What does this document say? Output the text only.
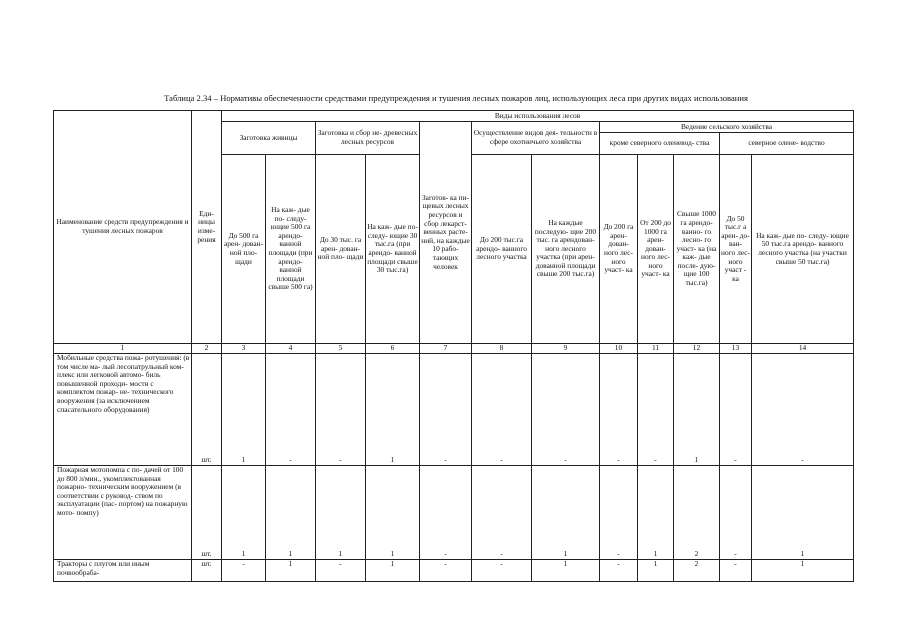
Таблица 2.34 – Нормативы обеспеченности средствами предупреждения и тушения лесных пожаров лиц, использующих леса при других видах использования
Наименование средств предупреждения и тушения лесных пожаров	Еди- ницы изме- рения	Виды использования лесов											
		Заготовка живицы		Заготовка и сбор не- древесных лесных ресурсов		Заготов- ка пи- щевых лесных ресурсов и сбор лекарст- венных расте- ний, на каждые 10 рабо- тающих человек	Осуществление видов дея- тельности в сфере охотничьего хозяйства		Ведение сельского хозяйства				
									кроме северного оленевод- ства			северное олене- водство	
		До 500 га арен- дован- ной пло- щади	На каж- дые по- следу- ющие 500 га арендо- ванной площади (при арендо- ванной площади свыше 500 га)	До 30 тыс. га арен- дован- ной пло- щади	На каж- дые по- следу- ющие 30 тыс.га (при арендо- ванной площади свыше 30 тыс.га)		До 200 тыс.га арендо- ванного лесного участка	На каждые последую- щие 200 тыс. га арендован- ного лесного участка (при арен- дованной площади свыше 200 тыс.га)	До 200 га арен- дован- ного лес- ного участ- ка	От 200 до 1000 га арен- дован- ного лес- ного участ- ка	Свыше 1000 га арендо- ванно- го лесно- го участ- ка (на каж- дые после- дую- щие 100 тыс.га)	До 50 тыс.г а арен- до- ван- ного лес- ного участ - ка	На каж- дые по- следу- ющие 50 тыс.га арендо- ванного лесного участка (на участки свыше 50 тыс.га)
1	2	3	4	5	6	7	8	9	10	11	12	13	14
Мобильные средства пожа- ротушения: (в том числе ма- лый лесопатрульный ком- плекс или легковой автомо- биль повышенной проходи- мости с комплектом пожар- не- технического вооружения (за исключением спасательного оборудования)	шт.	1	-	-	1	-	-	-	-	-	1	-	-
Пожарная мотопомпа с по- дачей от 100 до 800 л/мин., укомплектованная пожарно- техническим вооружением (в соответствии с руковод- ством по эксплуатации (пас- портом) на пожарную мото- помпу)	шт.	1	1	1	1	-	-	1	-	1	2	-	1
Тракторы с плугом или иным почвообраба-	шт.	-	1	-	1	-	-	1	-	1	2	-	1
